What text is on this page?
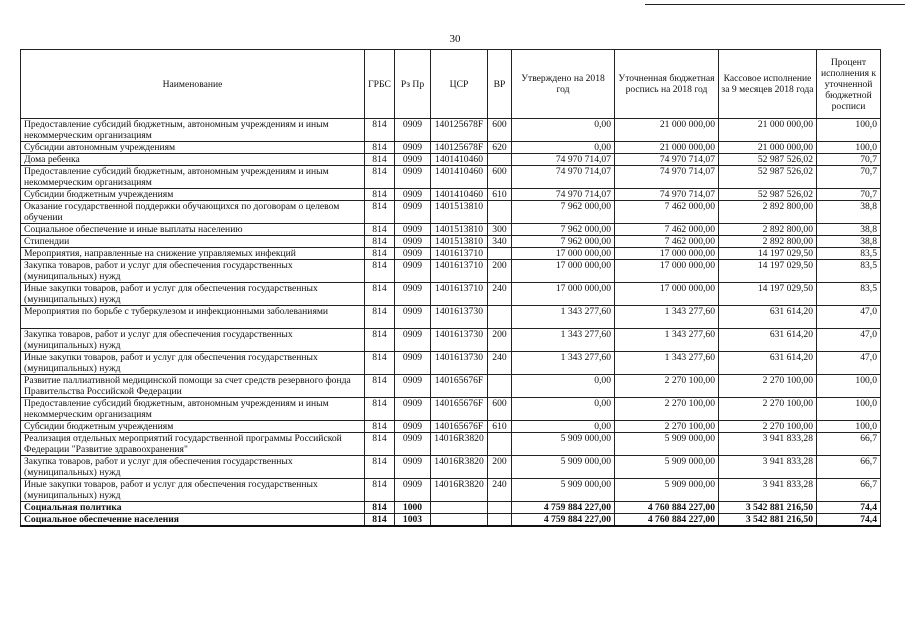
30
Наименование	ГРБС	Рз Пр	ЦСР	ВР	Утверждено на 2018 год	Уточненная бюджетная роспись на 2018 год	Кассовое исполнение за 9 месяцев 2018 года	Процент исполнения к уточненной бюджетной росписи
Предоставление субсидий бюджетным, автономным учреждениям и иным некоммерческим организациям	814	0909	140125678F	600	0,00	21 000 000,00	21 000 000,00	100,0
Субсидии автономным учреждениям	814	0909	140125678F	620	0,00	21 000 000,00	21 000 000,00	100,0
Дома ребенка	814	0909	1401410460		74 970 714,07	74 970 714,07	52 987 526,02	70,7
Предоставление субсидий бюджетным, автономным учреждениям и иным некоммерческим организациям	814	0909	1401410460	600	74 970 714,07	74 970 714,07	52 987 526,02	70,7
Субсидии бюджетным учреждениям	814	0909	1401410460	610	74 970 714,07	74 970 714,07	52 987 526,02	70,7
Оказание государственной поддержки обучающихся по договорам о целевом обучении	814	0909	1401513810		7 962 000,00	7 462 000,00	2 892 800,00	38,8
Социальное обеспечение и иные выплаты населению	814	0909	1401513810	300	7 962 000,00	7 462 000,00	2 892 800,00	38,8
Стипендии	814	0909	1401513810	340	7 962 000,00	7 462 000,00	2 892 800,00	38,8
Мероприятия, направленные на снижение управляемых инфекций	814	0909	1401613710		17 000 000,00	17 000 000,00	14 197 029,50	83,5
Закупка товаров, работ и услуг для обеспечения государственных (муниципальных) нужд	814	0909	1401613710	200	17 000 000,00	17 000 000,00	14 197 029,50	83,5
Иные закупки товаров, работ и услуг для обеспечения государственных (муниципальных) нужд	814	0909	1401613710	240	17 000 000,00	17 000 000,00	14 197 029,50	83,5
Мероприятия по борьбе с туберкулезом и инфекционными заболеваниями	814	0909	1401613730		1 343 277,60	1 343 277,60	631 614,20	47,0
Закупка товаров, работ и услуг для обеспечения государственных (муниципальных) нужд	814	0909	1401613730	200	1 343 277,60	1 343 277,60	631 614,20	47,0
Иные закупки товаров, работ и услуг для обеспечения государственных (муниципальных) нужд	814	0909	1401613730	240	1 343 277,60	1 343 277,60	631 614,20	47,0
Развитие паллиативной медицинской помощи за счет средств резервного фонда Правительства Российской Федерации	814	0909	140165676F		0,00	2 270 100,00	2 270 100,00	100,0
Предоставление субсидий бюджетным, автономным учреждениям и иным некоммерческим организациям	814	0909	140165676F	600	0,00	2 270 100,00	2 270 100,00	100,0
Субсидии бюджетным учреждениям	814	0909	140165676F	610	0,00	2 270 100,00	2 270 100,00	100,0
Реализация отдельных мероприятий государственной программы Российской Федерации "Развитие здравоохранения"	814	0909	14016R3820		5 909 000,00	5 909 000,00	3 941 833,28	66,7
Закупка товаров, работ и услуг для обеспечения государственных (муниципальных) нужд	814	0909	14016R3820	200	5 909 000,00	5 909 000,00	3 941 833,28	66,7
Иные закупки товаров, работ и услуг для обеспечения государственных (муниципальных) нужд	814	0909	14016R3820	240	5 909 000,00	5 909 000,00	3 941 833,28	66,7
Социальная политика	814	1000			4 759 884 227,00	4 760 884 227,00	3 542 881 216,50	74,4
Социальное обеспечение населения	814	1003			4 759 884 227,00	4 760 884 227,00	3 542 881 216,50	74,4
